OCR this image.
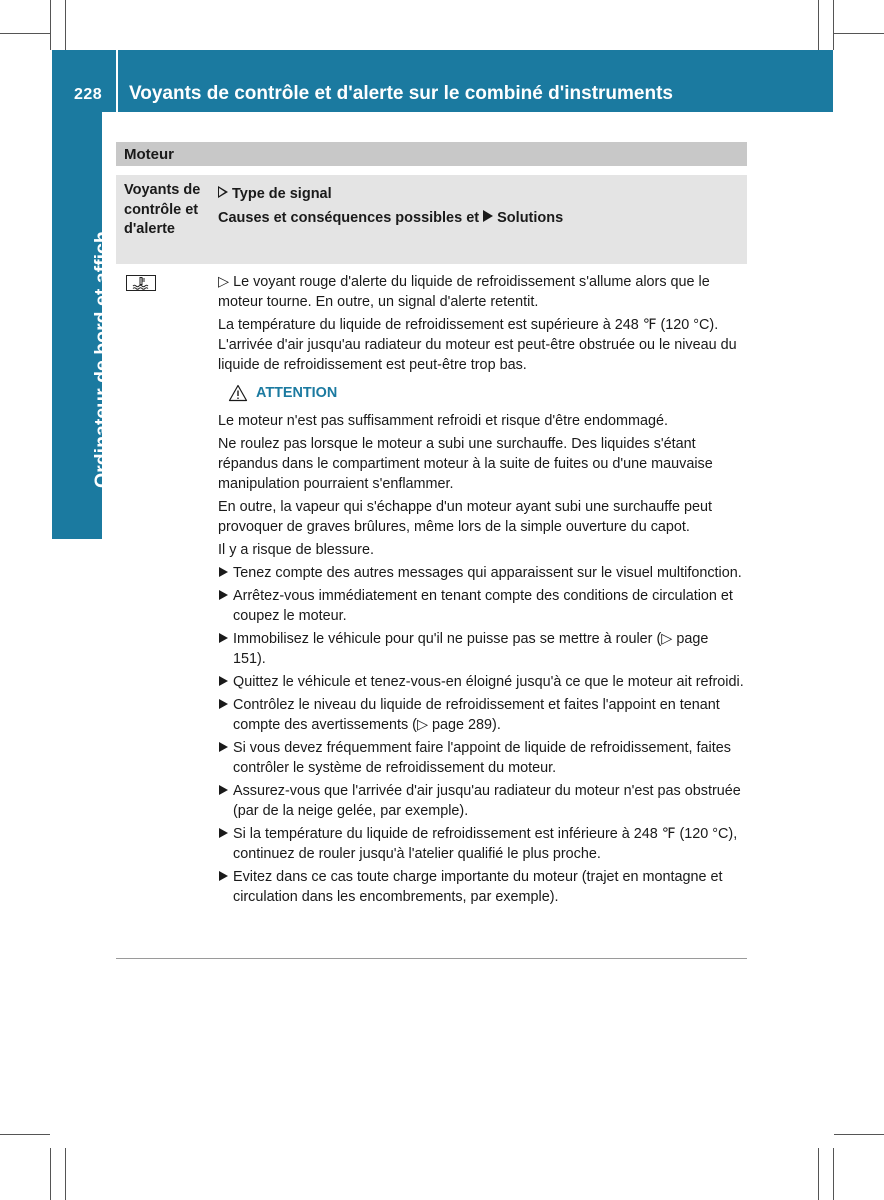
228 Voyants de contrôle et d'alerte sur le combiné d'instruments
Ordinateur de bord et affich.
Moteur
Voyants de contrôle et d'alerte
Type de signal
Causes et conséquences possibles et Solutions

▷ Le voyant rouge d'alerte du liquide de refroidissement s'allume alors que le moteur tourne. En outre, un signal d'alerte retentit.

La température du liquide de refroidissement est supérieure à 248 ℉ (120 °C). L'arrivée d'air jusqu'au radiateur du moteur est peut-être obstruée ou le niveau du liquide de refroidissement est peut-être trop bas.

ATTENTION

Le moteur n'est pas suffisamment refroidi et risque d'être endommagé.

Ne roulez pas lorsque le moteur a subi une surchauffe. Des liquides s'étant répandus dans le compartiment moteur à la suite de fuites ou d'une mauvaise manipulation pourraient s'enflammer.

En outre, la vapeur qui s'échappe d'un moteur ayant subi une surchauffe peut provoquer de graves brûlures, même lors de la simple ouverture du capot.

Il y a risque de blessure.

Tenez compte des autres messages qui apparaissent sur le visuel multifonction.
Arrêtez-vous immédiatement en tenant compte des conditions de circulation et coupez le moteur.
Immobilisez le véhicule pour qu'il ne puisse pas se mettre à rouler (▷ page 151).
Quittez le véhicule et tenez-vous-en éloigné jusqu'à ce que le moteur ait refroidi.
Contrôlez le niveau du liquide de refroidissement et faites l'appoint en tenant compte des avertissements (▷ page 289).
Si vous devez fréquemment faire l'appoint de liquide de refroidissement, faites contrôler le système de refroidissement du moteur.
Assurez-vous que l'arrivée d'air jusqu'au radiateur du moteur n'est pas obstruée (par de la neige gelée, par exemple).
Si la température du liquide de refroidissement est inférieure à 248 ℉ (120 °C), continuez de rouler jusqu'à l'atelier qualifié le plus proche.
Evitez dans ce cas toute charge importante du moteur (trajet en montagne et circulation dans les encombrements, par exemple).
